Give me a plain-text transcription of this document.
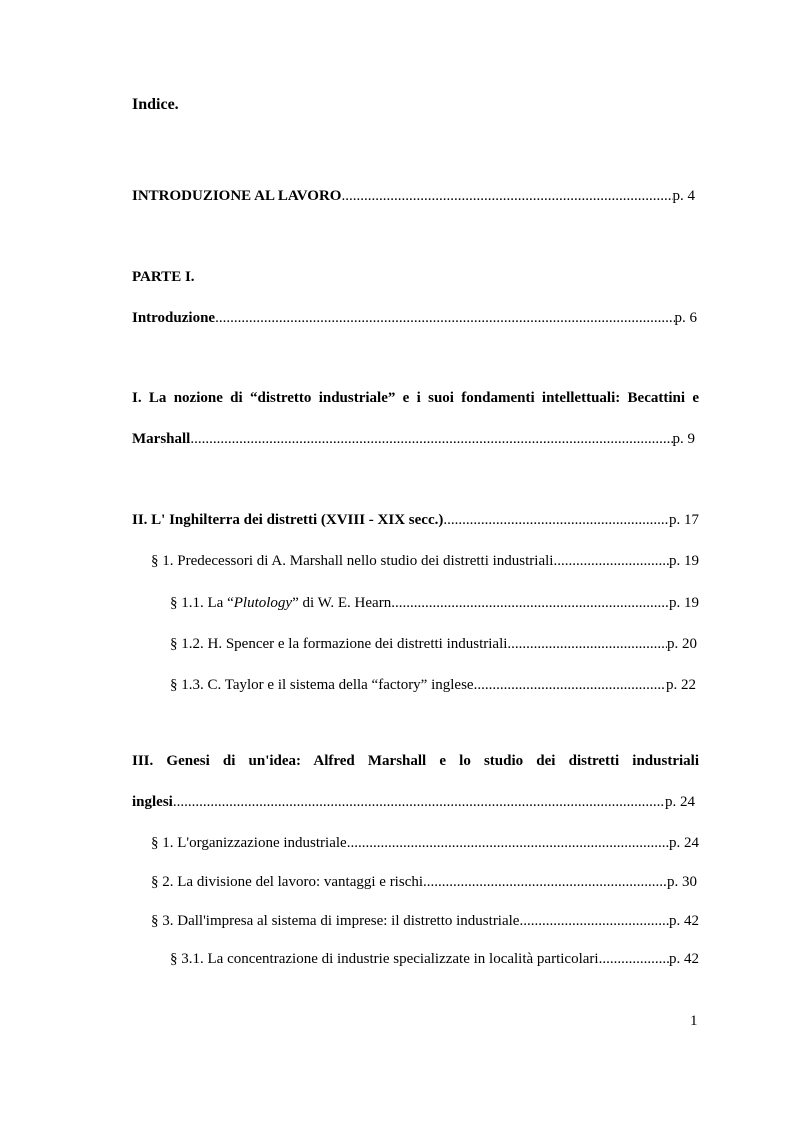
Indice.
INTRODUZIONE AL LAVORO .....	p. 4
PARTE I.
Introduzione .....	p. 6
I. La nozione di “distretto industriale” e i suoi fondamenti intellettuali: Becattini e
Marshall .....	p. 9
II. L' Inghilterra dei distretti (XVIII - XIX secc.) .....	p. 17
§ 1. Predecessori di A. Marshall nello studio dei distretti industriali .....	p. 19
§ 1.1. La “Plutology” di W. E. Hearn .....	p. 19
§ 1.2. H. Spencer e la formazione dei distretti industriali .....	p. 20
§ 1.3. C. Taylor e il sistema della “factory” inglese .....	p. 22
III. Genesi di un'idea: Alfred Marshall e lo studio dei distretti industriali
inglesi .....	p. 24
§ 1. L'organizzazione industriale .....	p. 24
§ 2. La divisione del lavoro: vantaggi e rischi .....	p. 30
§ 3. Dall'impresa al sistema di imprese: il distretto industriale .....	p. 42
§ 3.1. La concentrazione di industrie specializzate in località particolari .....	p. 42
1
